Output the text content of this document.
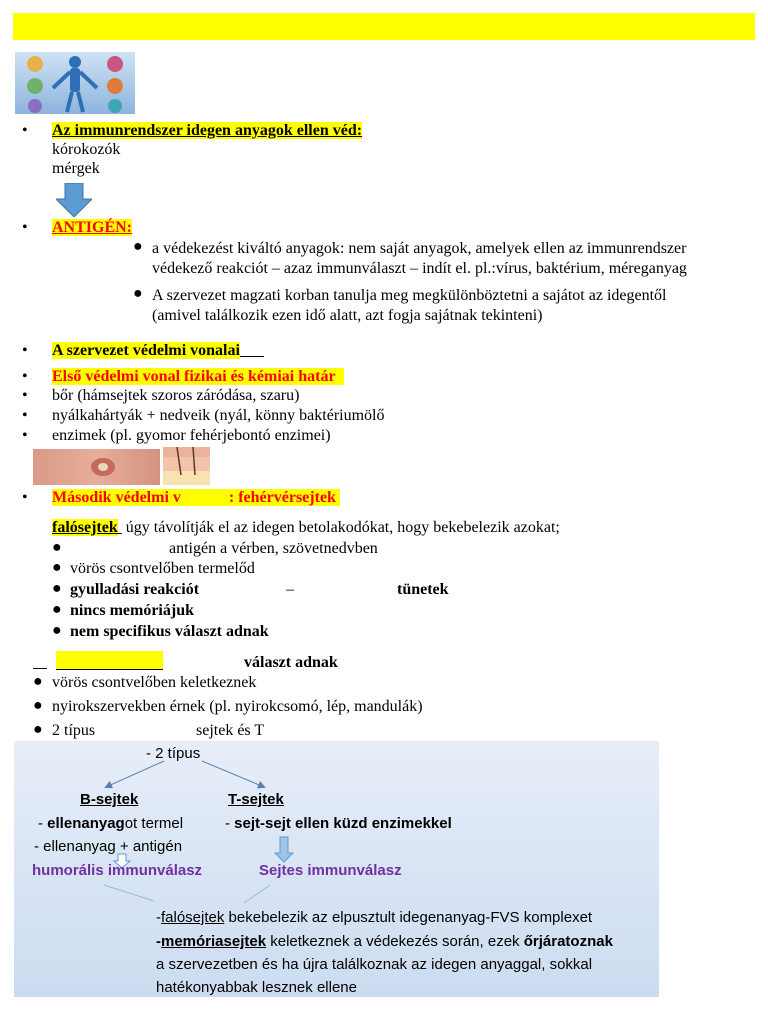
• Az immunrendszer idegen anyagok ellen véd:
kórokozók
mérgek
• ANTIGÉN:
● a védekezést kiváltó anyagok: nem saját anyagok, amelyek ellen az immunrendszer
védekező reakciót – azaz immunválaszt – indít el. pl.:vírus, baktérium, méreganyag
● A szervezet magzati korban tanulja meg megkülönböztetni a sajátot az idegentől
(amivel találkozik ezen idő alatt, azt fogja sajátnak tekinteni)
• A szervezet védelmi vonalai
• Első védelmi vonal fizikai és kémiai határ
• bőr (hámsejtek szoros záródása, szaru)
• nyálkahártyák + nedveik (nyál, könny baktériumölő
• enzimek (pl. gyomor fehérjebontó enzimei)
• Második védelmi v	: fehérvérsejtek
falósejtek  úgy távolítják el az idegen betolakodókat, hogy bekebelezik azokat;
●	antigén a vérben, szövetnedvben
● vörös csontvelőben termelőd
● gyulladási reakciót	–	tünetek
● nincs memóriájuk
● nem specifikus választ adnak
választ adnak
● vörös csontvelőben keletkeznek
● nyirokszervekben érnek (pl. nyirokcsomó, lép, mandulák)
● 2 típus	sejtek és T
- 2 típus
B-sejtek	T-sejtek
- ellenanyagot termel	- sejt-sejt ellen küzd enzimekkel
- ellenanyag + antigén
humorális immunválasz	Sejtes immunválasz
-falósejtek bekebelezik az elpusztult idegenanyag-FVS komplexet
-memóriasejtek keletkeznek a védekezés során, ezek őrjáratoznak
a szervezetben és ha újra találkoznak az idegen anyaggal, sokkal
hatékonyabbak lesznek ellene
